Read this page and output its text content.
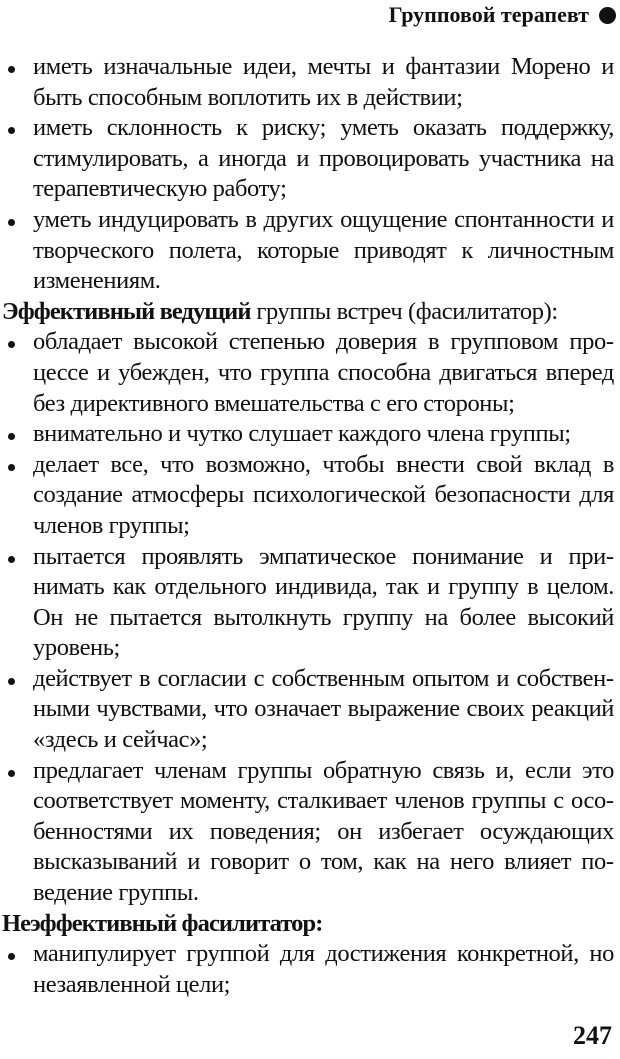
Групповой терапевт
иметь изначальные идеи, мечты и фантазии Морено и быть способным воплотить их в действии;
иметь склонность к риску; уметь оказать поддержку, стимулировать, а иногда и провоцировать участника на терапевтическую работу;
уметь индуцировать в других ощущение спонтанности и творческого полета, которые приводят к личностным изменениям.

Эффективный ведущий группы встреч (фасилитатор):

обладает высокой степенью доверия в групповом процессе и убежден, что группа способна двигаться вперед без директивного вмешательства с его стороны;
внимательно и чутко слушает каждого члена группы;
делает все, что возможно, чтобы внести свой вклад в создание атмосферы психологической безопасности для членов группы;
пытается проявлять эмпатическое понимание и принимать как отдельного индивида, так и группу в целом. Он не пытается вытолкнуть группу на более высокий уровень;
действует в согласии с собственным опытом и собственными чувствами, что означает выражение своих реакций «здесь и сейчас»;
предлагает членам группы обратную связь и, если это соответствует моменту, сталкивает членов группы с особенностями их поведения; он избегает осуждающих высказываний и говорит о том, как на него влияет поведение группы.

Неэффективный фасилитатор:

манипулирует группой для достижения конкретной, но незаявленной цели;
247
